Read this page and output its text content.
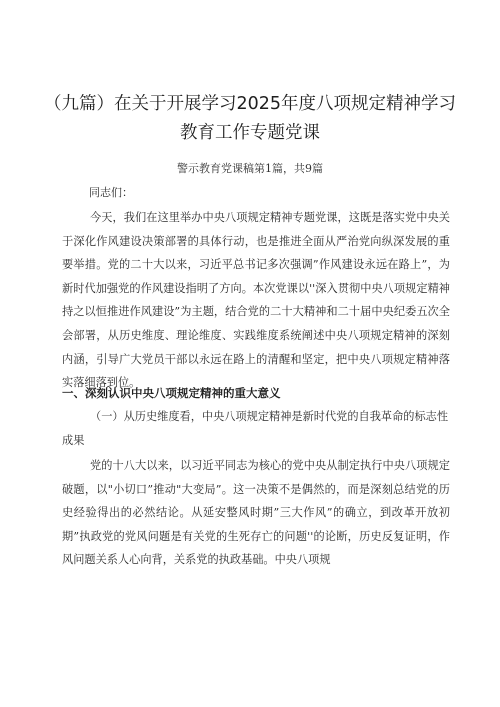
（九篇）在关于开展学习2025年度八项规定精神学习
教育工作专题党课
警示教育党课稿第1篇，共9篇
同志们：
今天，我们在这里举办中央八项规定精神专题党课，这既是落实党中央关于深化作风建设决策部署的具体行动，也是推进全面从严治党向纵深发展的重要举措。党的二十大以来，习近平总书记多次强调”作风建设永远在路上”，为新时代加强党的作风建设指明了方向。本次党课以''深入贯彻中央八项规定精神持之以恒推进作风建设”为主题，结合党的二十大精神和二十届中央纪委五次全会部署，从历史维度、理论维度、实践维度系统阐述中央八项规定精神的深刻内涵，引导广大党员干部以永远在路上的清醒和坚定，把中央八项规定精神落实落细落到位。
一、深刻认识中央八项规定精神的重大意义
（一）从历史维度看，中央八项规定精神是新时代党的自我革命的标志性成果
党的十八大以来，以习近平同志为核心的党中央从制定执行中央八项规定破题，以"小切口”推动"大变局”。这一决策不是偶然的，而是深刻总结党的历史经验得出的必然结论。从延安整风时期”三大作风”的确立，到改革开放初期”执政党的党风问题是有关党的生死存亡的问题''的论断，历史反复证明，作风问题关系人心向背，关系党的执政基础。中央八项规
